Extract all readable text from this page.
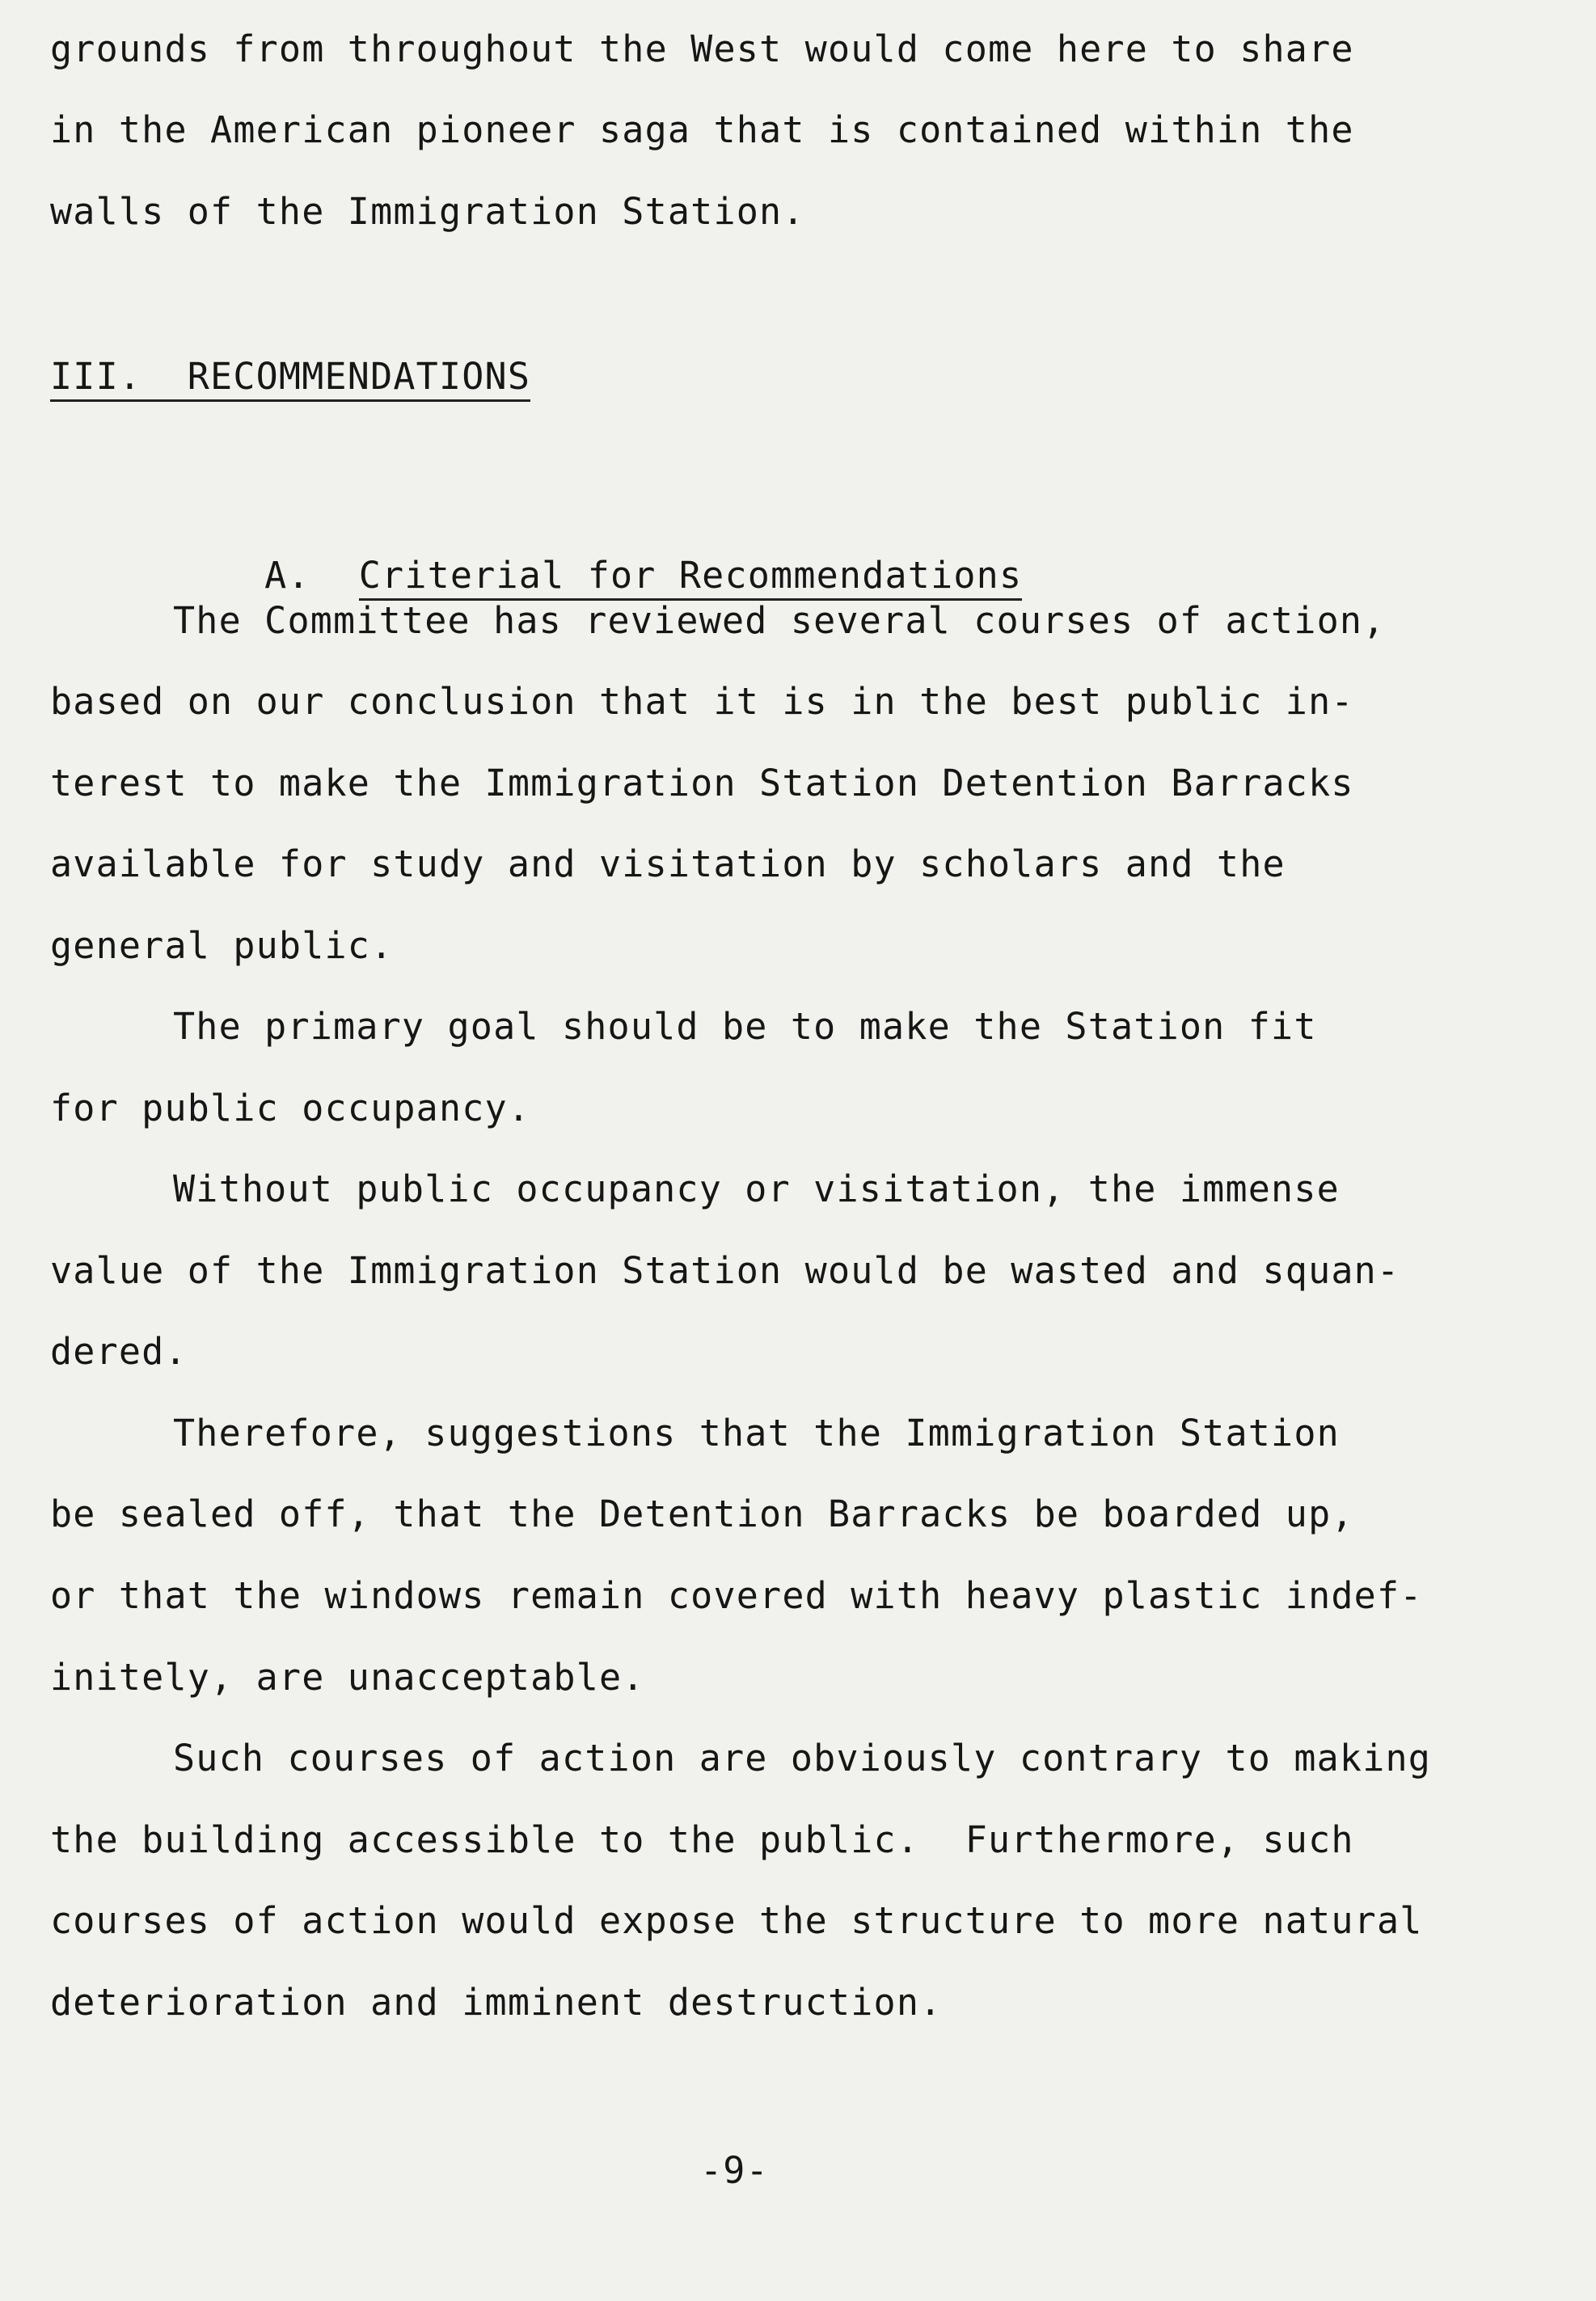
grounds from throughout the West would come here to share
in the American pioneer saga that is contained within the
walls of the Immigration Station.
III.  RECOMMENDATIONS

A. Criterial for Recommendations

The Committee has reviewed several courses of action,
based on our conclusion that it is in the best public in-
terest to make the Immigration Station Detention Barracks
available for study and visitation by scholars and the
general public.
The primary goal should be to make the Station fit
for public occupancy.
Without public occupancy or visitation, the immense
value of the Immigration Station would be wasted and squan-
dered.
Therefore, suggestions that the Immigration Station
be sealed off, that the Detention Barracks be boarded up,
or that the windows remain covered with heavy plastic indef-
initely, are unacceptable.
Such courses of action are obviously contrary to making
the building accessible to the public.  Furthermore, such
courses of action would expose the structure to more natural
deterioration and imminent destruction.
-9-
